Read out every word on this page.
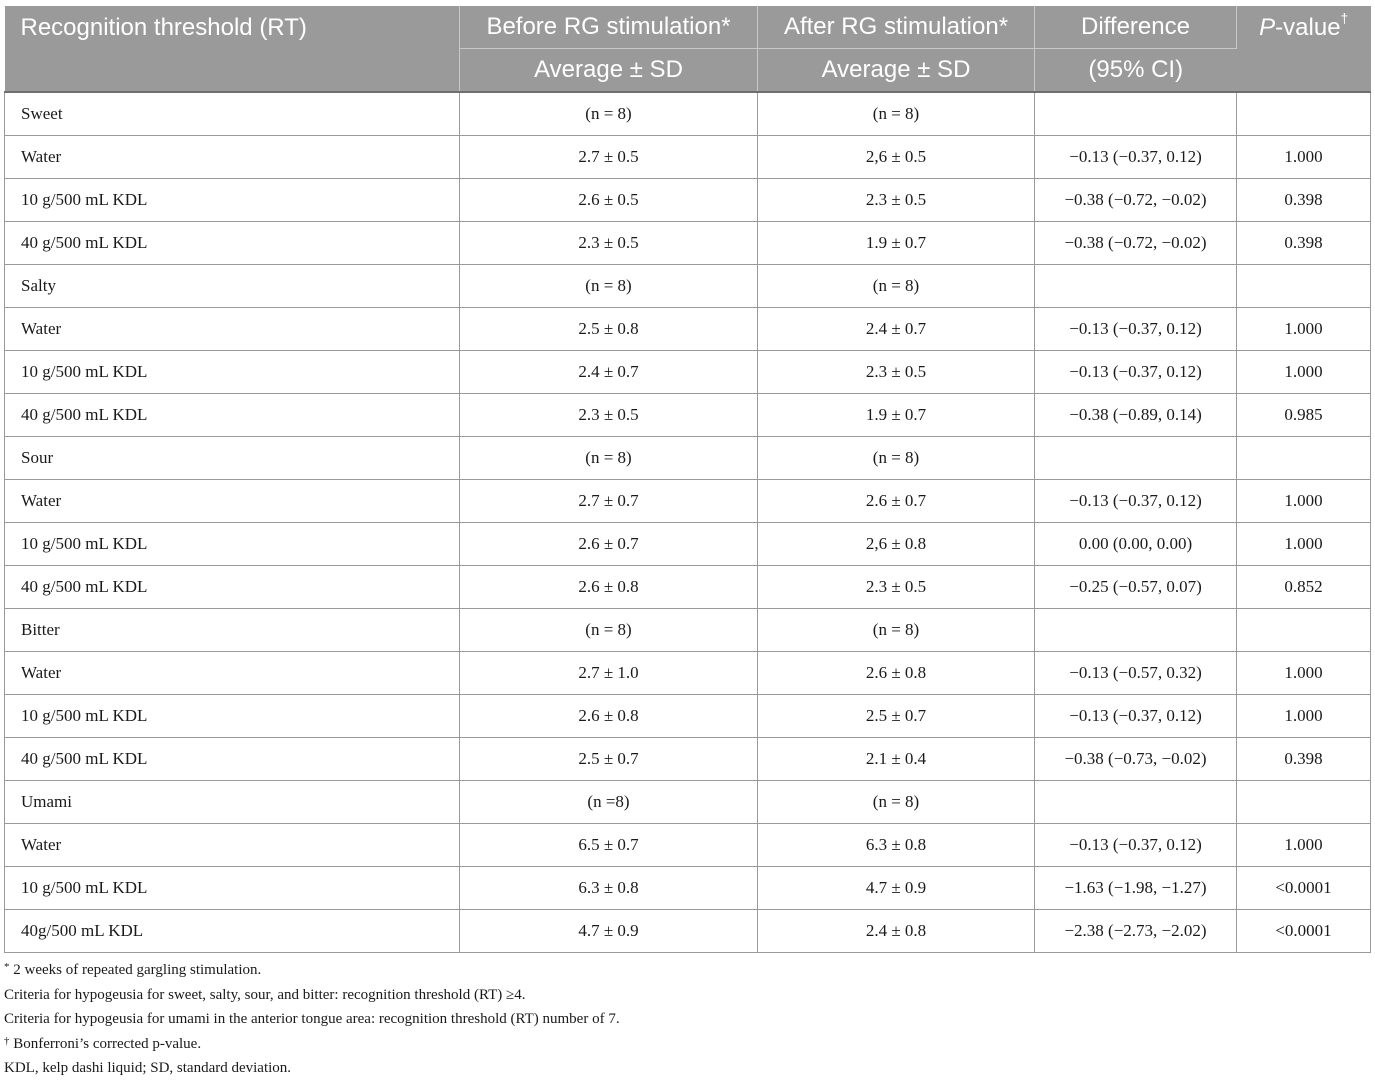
Recognition threshold (RT)	Before RG stimulation*	After RG stimulation*	Difference	P-value†
	Average ± SD	Average ± SD	(95% CI)	
Sweet	(n = 8)	(n = 8)		
Water	2.7 ± 0.5	2,6 ± 0.5	−0.13 (−0.37, 0.12)	1.000
10 g/500 mL KDL	2.6 ± 0.5	2.3 ± 0.5	−0.38 (−0.72, −0.02)	0.398
40 g/500 mL KDL	2.3 ± 0.5	1.9 ± 0.7	−0.38 (−0.72, −0.02)	0.398
Salty	(n = 8)	(n = 8)		
Water	2.5 ± 0.8	2.4 ± 0.7	−0.13 (−0.37, 0.12)	1.000
10 g/500 mL KDL	2.4 ± 0.7	2.3 ± 0.5	−0.13 (−0.37, 0.12)	1.000
40 g/500 mL KDL	2.3 ± 0.5	1.9 ± 0.7	−0.38 (−0.89, 0.14)	0.985
Sour	(n = 8)	(n = 8)		
Water	2.7 ± 0.7	2.6 ± 0.7	−0.13 (−0.37, 0.12)	1.000
10 g/500 mL KDL	2.6 ± 0.7	2,6 ± 0.8	0.00 (0.00, 0.00)	1.000
40 g/500 mL KDL	2.6 ± 0.8	2.3 ± 0.5	−0.25 (−0.57, 0.07)	0.852
Bitter	(n = 8)	(n = 8)		
Water	2.7 ± 1.0	2.6 ± 0.8	−0.13 (−0.57, 0.32)	1.000
10 g/500 mL KDL	2.6 ± 0.8	2.5 ± 0.7	−0.13 (−0.37, 0.12)	1.000
40 g/500 mL KDL	2.5 ± 0.7	2.1 ± 0.4	−0.38 (−0.73, −0.02)	0.398
Umami	(n =8)	(n = 8)		
Water	6.5 ± 0.7	6.3 ± 0.8	−0.13 (−0.37, 0.12)	1.000
10 g/500 mL KDL	6.3 ± 0.8	4.7 ± 0.9	−1.63 (−1.98, −1.27)	<0.0001
40g/500 mL KDL	4.7 ± 0.9	2.4 ± 0.8	−2.38 (−2.73, −2.02)	<0.0001
* 2 weeks of repeated gargling stimulation.
Criteria for hypogeusia for sweet, salty, sour, and bitter: recognition threshold (RT) ≥4.
Criteria for hypogeusia for umami in the anterior tongue area: recognition threshold (RT) number of 7.
† Bonferroni’s corrected p-value.
KDL, kelp dashi liquid; SD, standard deviation.
